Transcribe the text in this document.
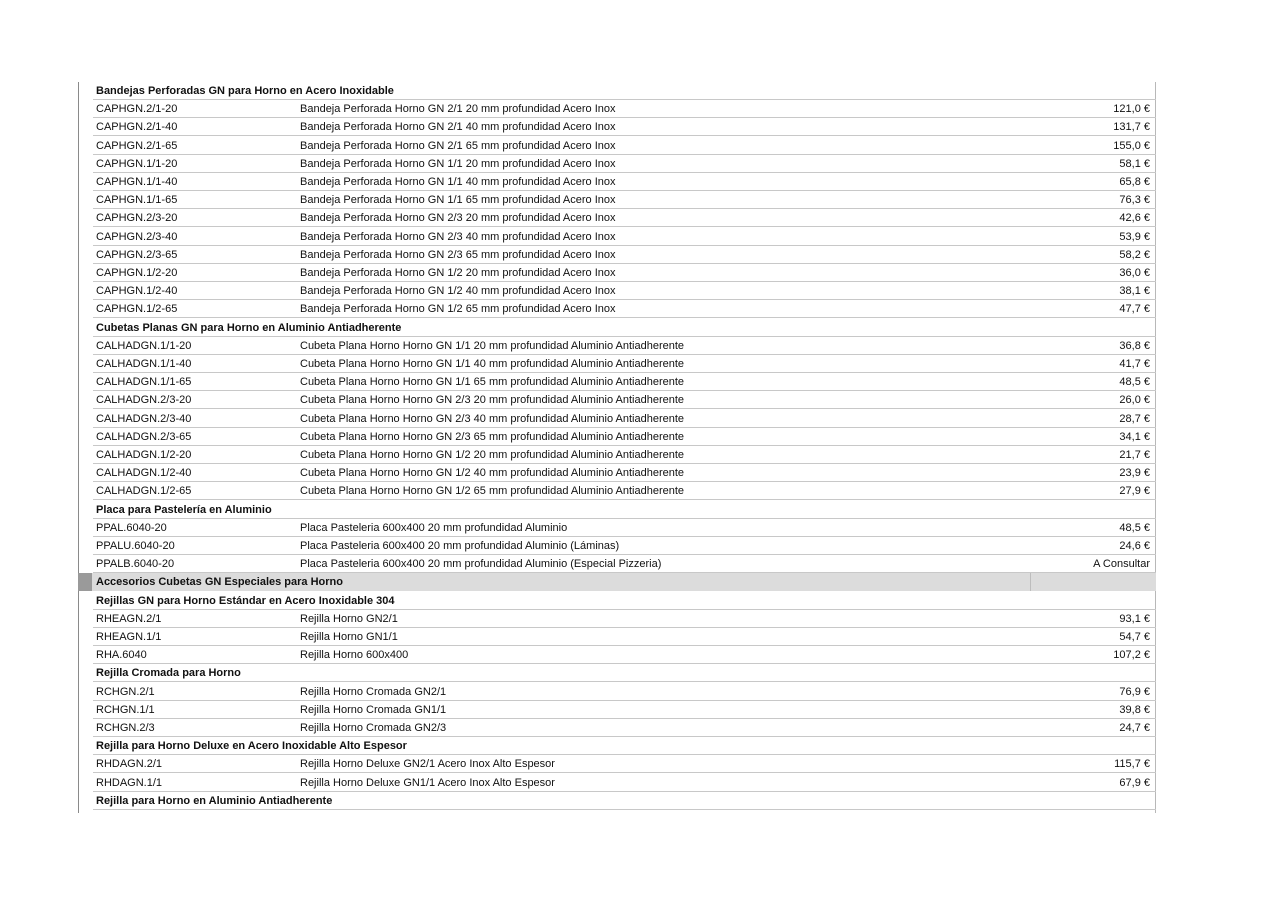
Bandejas Perforadas GN para Horno en Acero Inoxidable
CAPHGN.2/1-20	Bandeja Perforada Horno GN 2/1 20 mm profundidad Acero Inox	121,0 €
CAPHGN.2/1-40	Bandeja Perforada Horno GN 2/1 40 mm profundidad Acero Inox	131,7 €
CAPHGN.2/1-65	Bandeja Perforada Horno GN 2/1 65 mm profundidad Acero Inox	155,0 €
CAPHGN.1/1-20	Bandeja Perforada Horno GN 1/1 20 mm profundidad Acero Inox	58,1 €
CAPHGN.1/1-40	Bandeja Perforada Horno GN 1/1 40 mm profundidad Acero Inox	65,8 €
CAPHGN.1/1-65	Bandeja Perforada Horno GN 1/1 65 mm profundidad Acero Inox	76,3 €
CAPHGN.2/3-20	Bandeja Perforada Horno GN 2/3 20 mm profundidad Acero Inox	42,6 €
CAPHGN.2/3-40	Bandeja Perforada Horno GN 2/3 40 mm profundidad Acero Inox	53,9 €
CAPHGN.2/3-65	Bandeja Perforada Horno GN 2/3 65 mm profundidad Acero Inox	58,2 €
CAPHGN.1/2-20	Bandeja Perforada Horno GN 1/2 20 mm profundidad Acero Inox	36,0 €
CAPHGN.1/2-40	Bandeja Perforada Horno GN 1/2 40 mm profundidad Acero Inox	38,1 €
CAPHGN.1/2-65	Bandeja Perforada Horno GN 1/2 65 mm profundidad Acero Inox	47,7 €
Cubetas Planas GN para Horno en Aluminio Antiadherente
CALHADGN.1/1-20	Cubeta Plana Horno Horno GN 1/1 20 mm profundidad Aluminio Antiadherente	36,8 €
CALHADGN.1/1-40	Cubeta Plana Horno Horno GN 1/1 40 mm profundidad Aluminio Antiadherente	41,7 €
CALHADGN.1/1-65	Cubeta Plana Horno Horno GN 1/1 65 mm profundidad Aluminio Antiadherente	48,5 €
CALHADGN.2/3-20	Cubeta Plana Horno Horno GN 2/3 20 mm profundidad Aluminio Antiadherente	26,0 €
CALHADGN.2/3-40	Cubeta Plana Horno Horno GN 2/3 40 mm profundidad Aluminio Antiadherente	28,7 €
CALHADGN.2/3-65	Cubeta Plana Horno Horno GN 2/3 65 mm profundidad Aluminio Antiadherente	34,1 €
CALHADGN.1/2-20	Cubeta Plana Horno Horno GN 1/2 20 mm profundidad Aluminio Antiadherente	21,7 €
CALHADGN.1/2-40	Cubeta Plana Horno Horno GN 1/2 40 mm profundidad Aluminio Antiadherente	23,9 €
CALHADGN.1/2-65	Cubeta Plana Horno Horno GN 1/2 65 mm profundidad Aluminio Antiadherente	27,9 €
Placa para Pastelería en Aluminio
PPAL.6040-20	Placa Pasteleria 600x400 20 mm profundidad Aluminio	48,5 €
PPALU.6040-20	Placa Pasteleria 600x400 20 mm profundidad Aluminio (Láminas)	24,6 €
PPALB.6040-20	Placa Pasteleria 600x400 20 mm profundidad Aluminio (Especial Pizzeria)	A Consultar
Accesorios Cubetas GN Especiales para Horno
Rejillas GN para Horno Estándar en Acero Inoxidable 304
RHEAGN.2/1	Rejilla Horno GN2/1	93,1 €
RHEAGN.1/1	Rejilla Horno GN1/1	54,7 €
RHA.6040	Rejilla Horno 600x400	107,2 €
Rejilla Cromada para Horno
RCHGN.2/1	Rejilla Horno Cromada GN2/1	76,9 €
RCHGN.1/1	Rejilla Horno Cromada GN1/1	39,8 €
RCHGN.2/3	Rejilla Horno Cromada GN2/3	24,7 €
Rejilla para Horno Deluxe en Acero Inoxidable Alto Espesor
RHDAGN.2/1	Rejilla Horno Deluxe GN2/1 Acero Inox Alto Espesor	115,7 €
RHDAGN.1/1	Rejilla Horno Deluxe GN1/1 Acero Inox Alto Espesor	67,9 €
Rejilla para Horno en Aluminio Antiadherente
